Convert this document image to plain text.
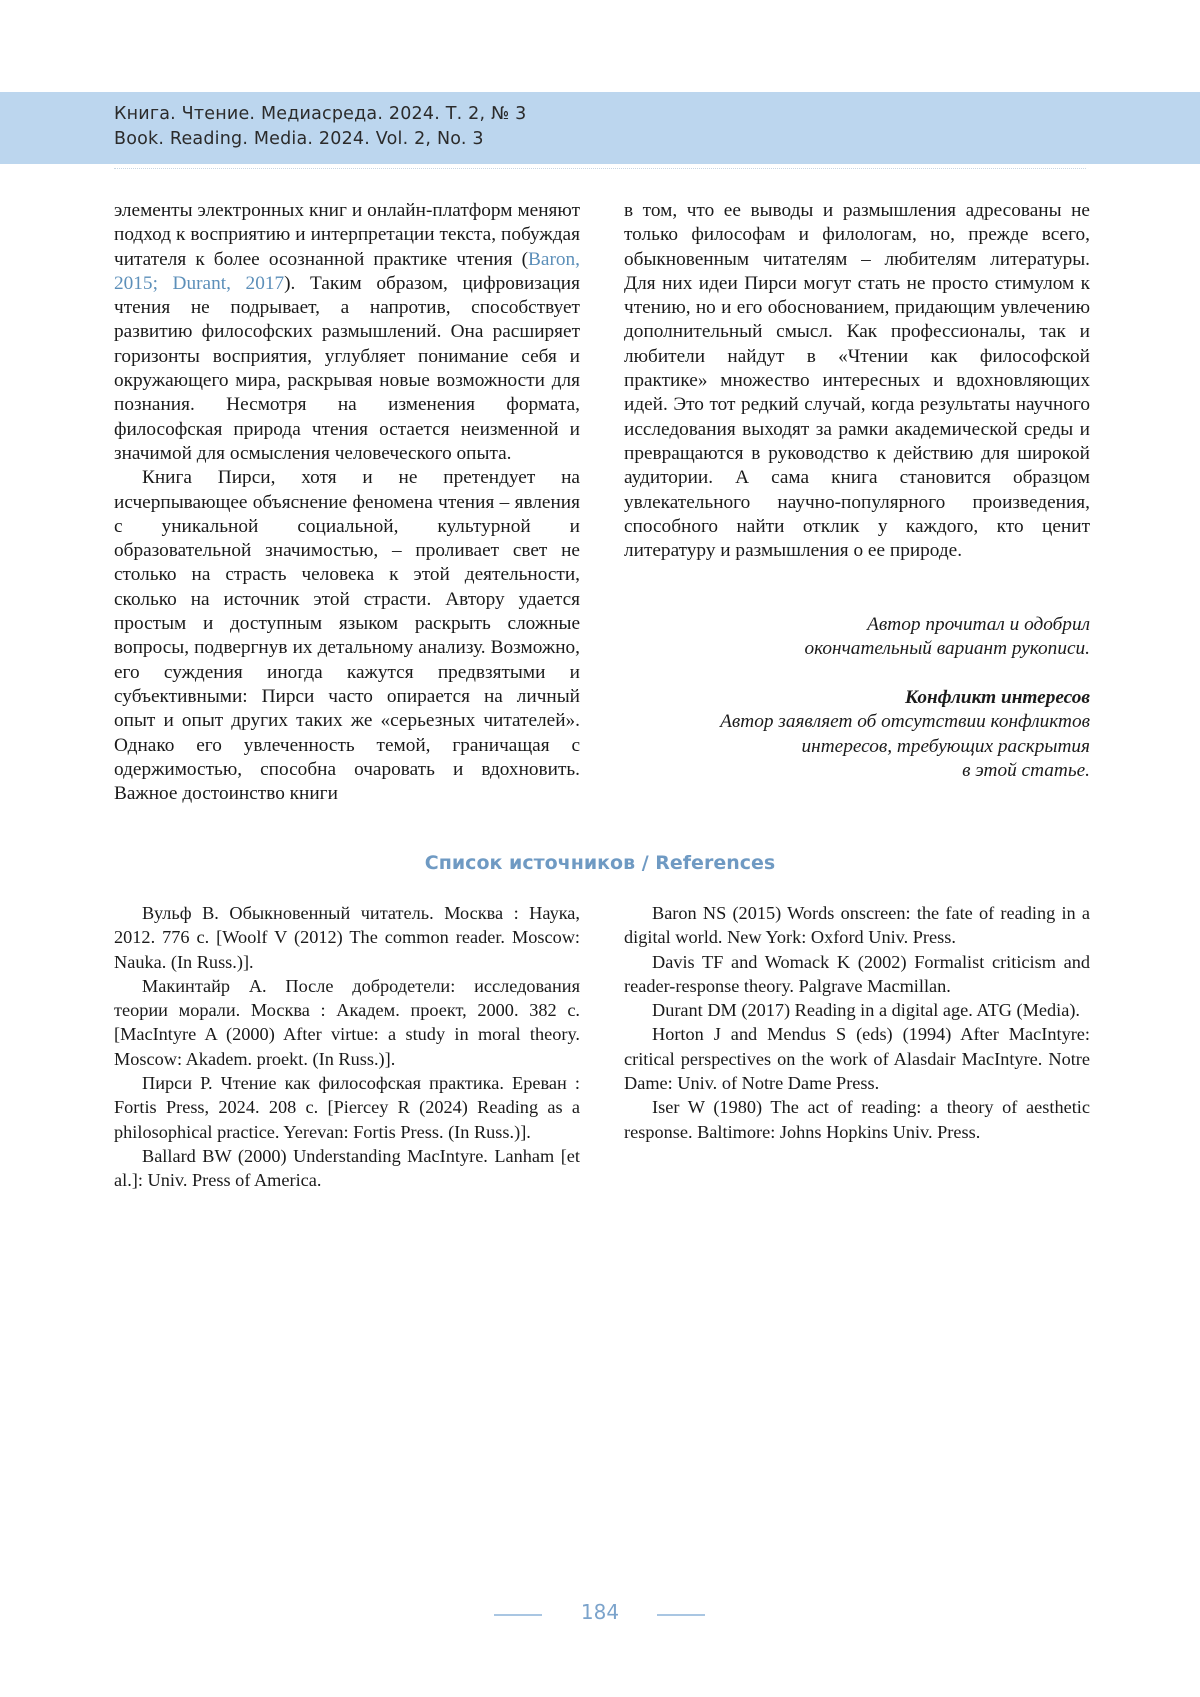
Книга. Чтение. Медиасреда. 2024. Т. 2, № 3
Book. Reading. Media. 2024. Vol. 2, No. 3

элементы электронных книг и онлайн-платформ меняют подход к восприятию и интерпретации текста, побуждая читателя к более осознанной практике чтения (Baron, 2015; Durant, 2017). Таким образом, цифровизация чтения не подрывает, а напротив, способствует развитию философских размышлений. Она расширяет горизонты восприятия, углубляет понимание себя и окружающего мира, раскрывая новые возможности для познания. Несмотря на изменения формата, философская природа чтения остается неизменной и значимой для осмысления человеческого опыта.

Книга Пирси, хотя и не претендует на исчерпывающее объяснение феномена чтения – явления с уникальной социальной, культурной и образовательной значимостью, – проливает свет не столько на страсть человека к этой деятельности, сколько на источник этой страсти. Автору удается простым и доступным языком раскрыть сложные вопросы, подвергнув их детальному анализу. Возможно, его суждения иногда кажутся предвзятыми и субъективными: Пирси часто опирается на личный опыт и опыт других таких же «серьезных читателей». Однако его увлеченность темой, граничащая с одержимостью, способна очаровать и вдохновить. Важное достоинство книги

в том, что ее выводы и размышления адресованы не только философам и филологам, но, прежде всего, обыкновенным читателям – любителям литературы. Для них идеи Пирси могут стать не просто стимулом к чтению, но и его обоснованием, придающим увлечению дополнительный смысл. Как профессионалы, так и любители найдут в «Чтении как философской практике» множество интересных и вдохновляющих идей. Это тот редкий случай, когда результаты научного исследования выходят за рамки академической среды и превращаются в руководство к действию для широкой аудитории. А сама книга становится образцом увлекательного научно-популярного произведения, способного найти отклик у каждого, кто ценит литературу и размышления о ее природе.

Автор прочитал и одобрил
окончательный вариант рукописи.
Конфликт интересов
Автор заявляет об отсутствии конфликтов
интересов, требующих раскрытия
в этой статье.
Список источников / References

Вульф В. Обыкновенный читатель. Москва : Наука, 2012. 776 с. [Woolf V (2012) The common reader. Moscow: Nauka. (In Russ.)].

Макинтайр А. После добродетели: исследования теории морали. Москва : Академ. проект, 2000. 382 с. [MacIntyre A (2000) After virtue: a study in moral theory. Moscow: Akadem. proekt. (In Russ.)].

Пирси Р. Чтение как философская практика. Ереван : Fortis Press, 2024. 208 с. [Piercey R (2024) Reading as a philosophical practice. Yerevan: Fortis Press. (In Russ.)].

Ballard BW (2000) Understanding MacIntyre. Lanham [et al.]: Univ. Press of America.

Baron NS (2015) Words onscreen: the fate of reading in a digital world. New York: Oxford Univ. Press.

Davis TF and Womack K (2002) Formalist criticism and reader-response theory. Palgrave Macmillan.

Durant DM (2017) Reading in a digital age. ATG (Media).

Horton J and Mendus S (eds) (1994) After MacIntyre: critical perspectives on the work of Alasdair MacIntyre. Notre Dame: Univ. of Notre Dame Press.

Iser W (1980) The act of reading: a theory of aesthetic response. Baltimore: Johns Hopkins Univ. Press.

184
